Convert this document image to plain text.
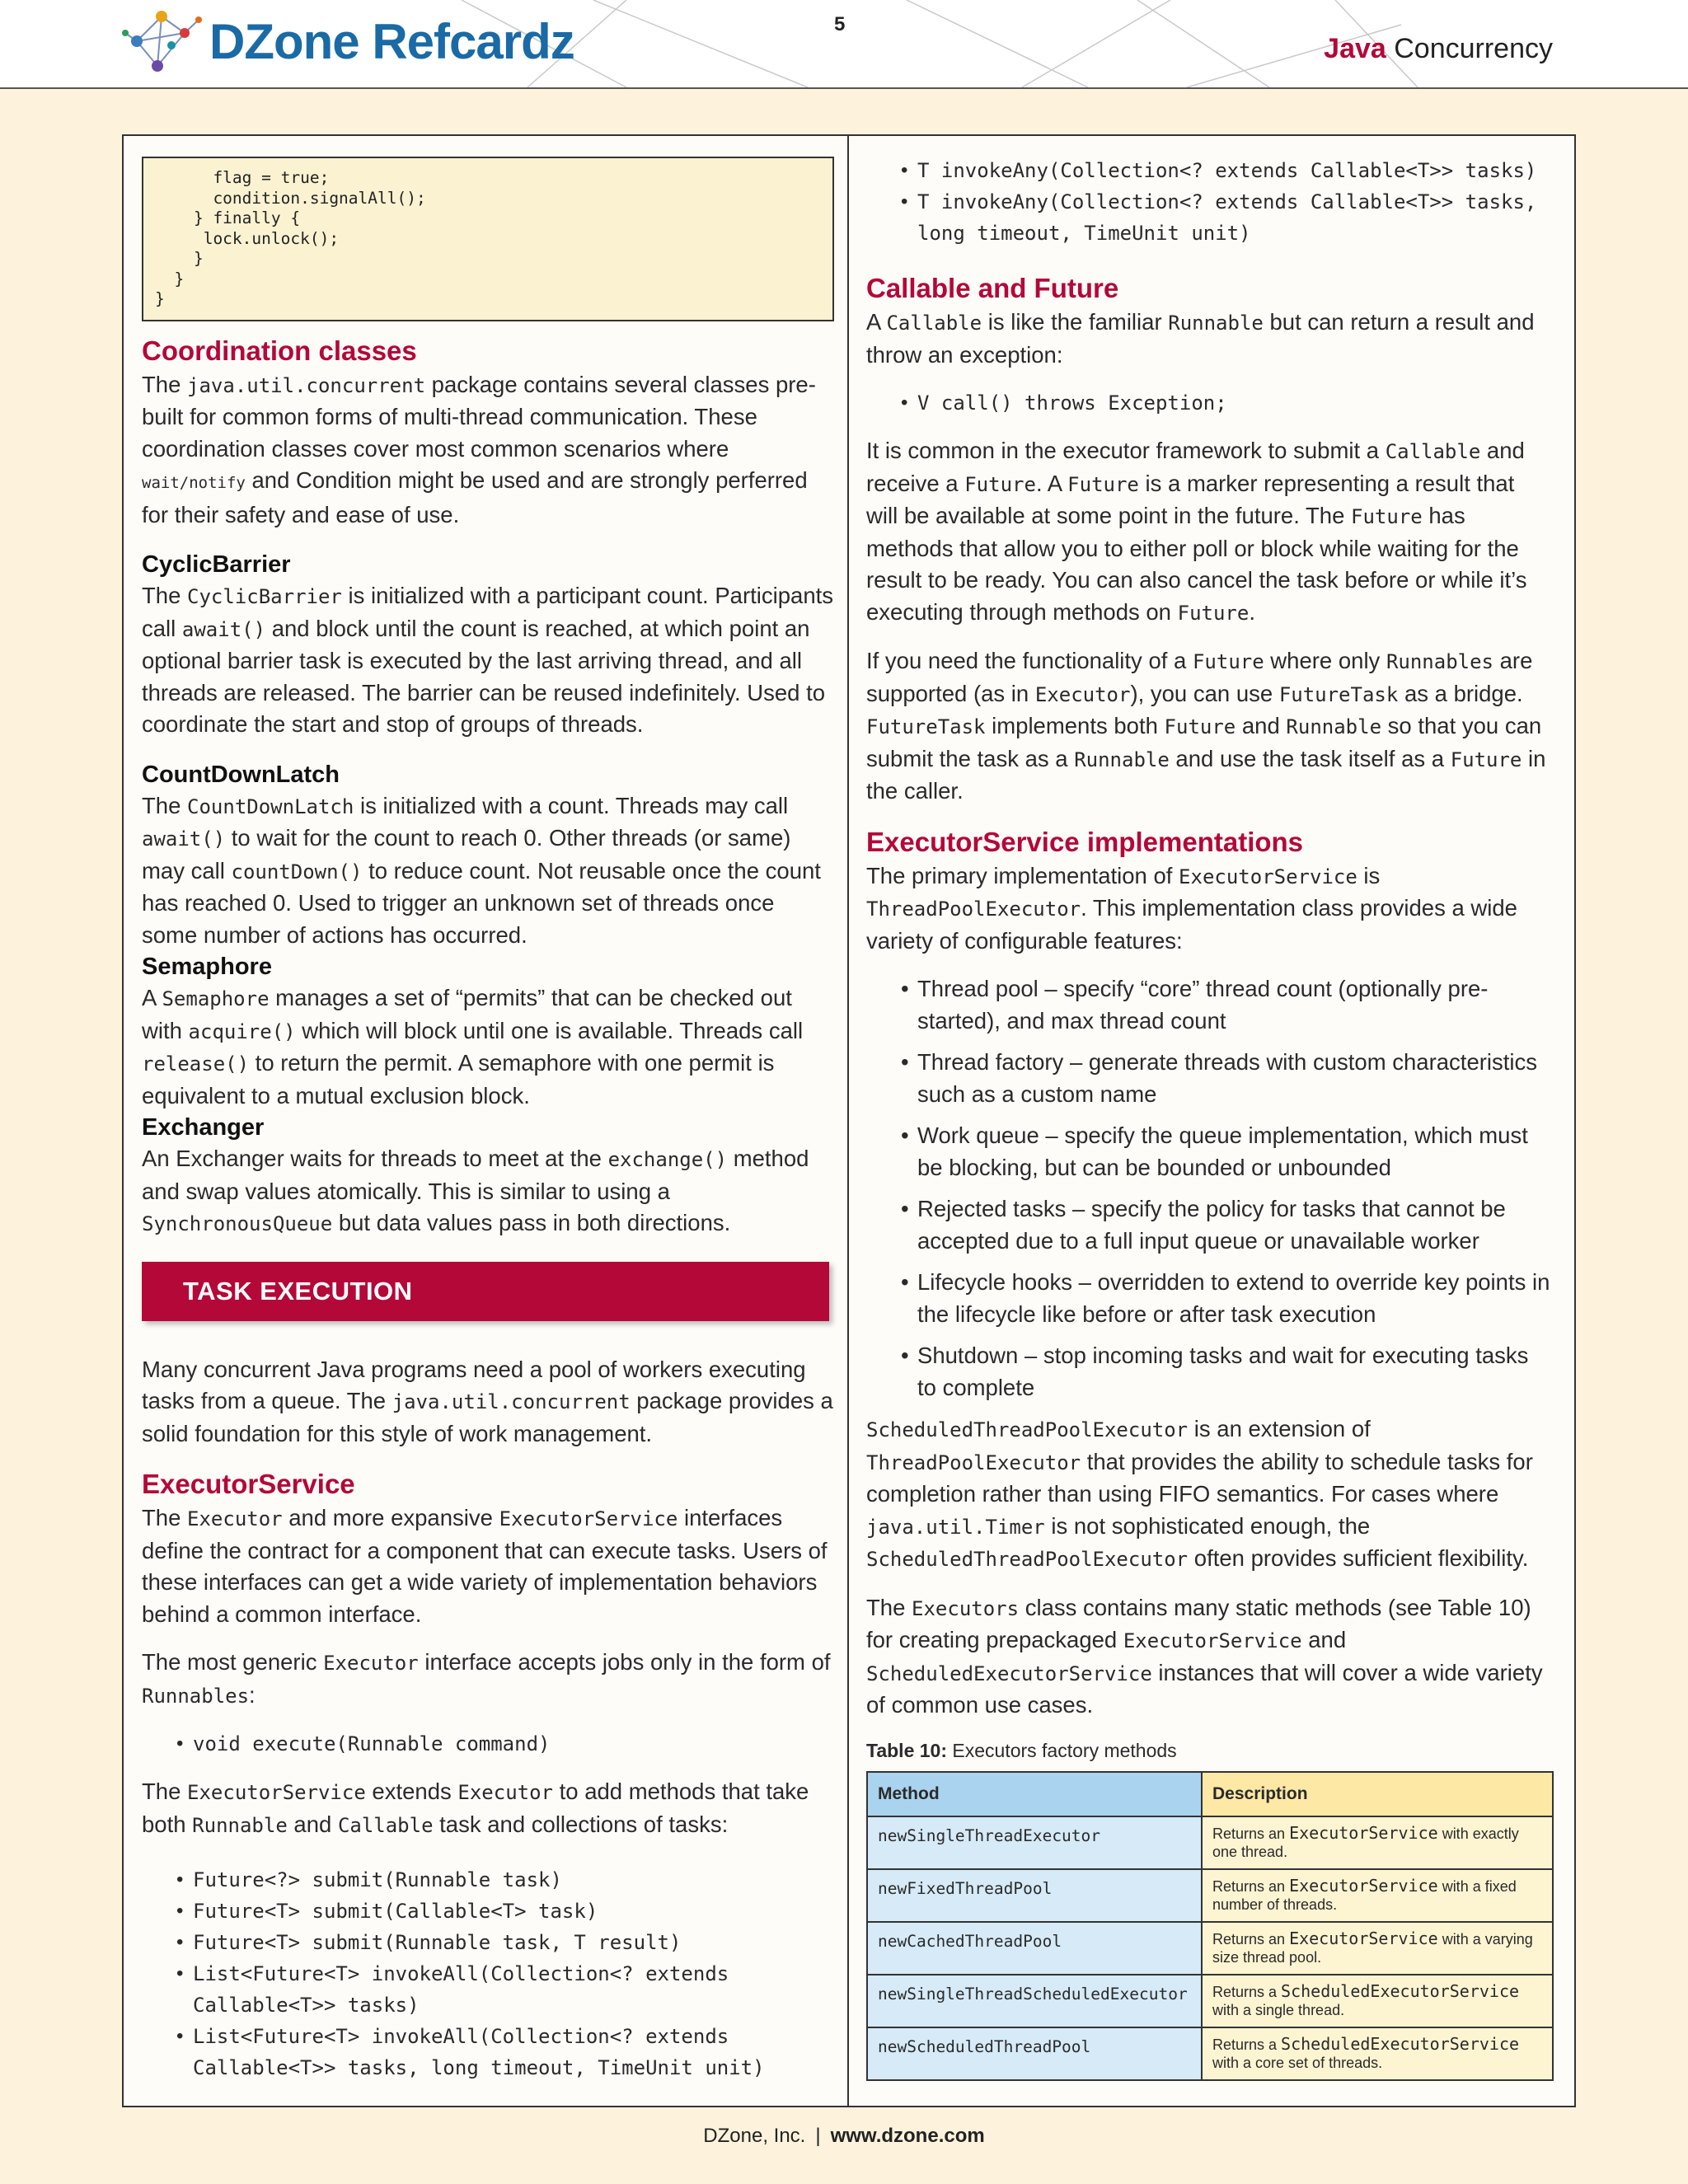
DZone Refcardz	5
Java Concurrency
flag = true;
condition.signalAll();
} finally {
lock.unlock();
}
}
}
Coordination classes

The java.util.concurrent package contains several classes pre-built for common forms of multi-thread communication. These coordination classes cover most common scenarios where wait/notify and Condition might be used and are strongly perferred for their safety and ease of use.

CyclicBarrier

The CyclicBarrier is initialized with a participant count. Participants call await() and block until the count is reached, at which point an optional barrier task is executed by the last arriving thread, and all threads are released. The barrier can be reused indefinitely. Used to coordinate the start and stop of groups of threads.

CountDownLatch

The CountDownLatch is initialized with a count. Threads may call await() to wait for the count to reach 0. Other threads (or same) may call countDown() to reduce count. Not reusable once the count has reached 0. Used to trigger an unknown set of threads once some number of actions has occurred.

Semaphore

A Semaphore manages a set of “permits” that can be checked out with acquire() which will block until one is available. Threads call release() to return the permit. A semaphore with one permit is equivalent to a mutual exclusion block.

Exchanger

An Exchanger waits for threads to meet at the exchange() method and swap values atomically. This is similar to using a SynchronousQueue but data values pass in both directions.

TASK EXECUTION

Many concurrent Java programs need a pool of workers executing tasks from a queue. The java.util.concurrent package provides a solid foundation for this style of work management.

ExecutorService

The Executor and more expansive ExecutorService interfaces define the contract for a component that can execute tasks. Users of these interfaces can get a wide variety of implementation behaviors behind a common interface.

The most generic Executor interface accepts jobs only in the form of Runnables:

• void execute(Runnable command)

The ExecutorService extends Executor to add methods that take both Runnable and Callable task and collections of tasks:

• Future<?> submit(Runnable task)
• Future<T> submit(Callable<T> task)
• Future<T> submit(Runnable task, T result)
• List<Future<T> invokeAll(Collection<? extends Callable<T>> tasks)
• List<Future<T> invokeAll(Collection<? extends Callable<T>> tasks, long timeout, TimeUnit unit)
• T invokeAny(Collection<? extends Callable<T>> tasks)
• T invokeAny(Collection<? extends Callable<T>> tasks, long timeout, TimeUnit unit)
Callable and Future

A Callable is like the familiar Runnable but can return a result and throw an exception:

• V call() throws Exception;

It is common in the executor framework to submit a Callable and receive a Future. A Future is a marker representing a result that will be available at some point in the future. The Future has methods that allow you to either poll or block while waiting for the result to be ready. You can also cancel the task before or while it’s executing through methods on Future.

If you need the functionality of a Future where only Runnables are supported (as in Executor), you can use FutureTask as a bridge. FutureTask implements both Future and Runnable so that you can submit the task as a Runnable and use the task itself as a Future in the caller.

ExecutorService implementations

The primary implementation of ExecutorService is ThreadPoolExecutor. This implementation class provides a wide variety of configurable features:

• Thread pool – specify “core” thread count (optionally pre-started), and max thread count
• Thread factory – generate threads with custom characteristics such as a custom name
• Work queue – specify the queue implementation, which must be blocking, but can be bounded or unbounded
• Rejected tasks – specify the policy for tasks that cannot be accepted due to a full input queue or unavailable worker
• Lifecycle hooks – overridden to extend to override key points in the lifecycle like before or after task execution
• Shutdown – stop incoming tasks and wait for executing tasks to complete

ScheduledThreadPoolExecutor is an extension of ThreadPoolExecutor that provides the ability to schedule tasks for completion rather than using FIFO semantics. For cases where java.util.Timer is not sophisticated enough, the ScheduledThreadPoolExecutor often provides sufficient flexibility.

The Executors class contains many static methods (see Table 10) for creating prepackaged ExecutorService and ScheduledExecutorService instances that will cover a wide variety of common use cases.

Table 10: Executors factory methods
Method	Description
newSingleThreadExecutor	Returns an ExecutorService with exactly one thread.
newFixedThreadPool	Returns an ExecutorService with a fixed number of threads.
newCachedThreadPool	Returns an ExecutorService with a varying size thread pool.
newSingleThreadScheduledExecutor	Returns a ScheduledExecutorService with a single thread.
newScheduledThreadPool	Returns a ScheduledExecutorService with a core set of threads.
DZone, Inc. | www.dzone.com
